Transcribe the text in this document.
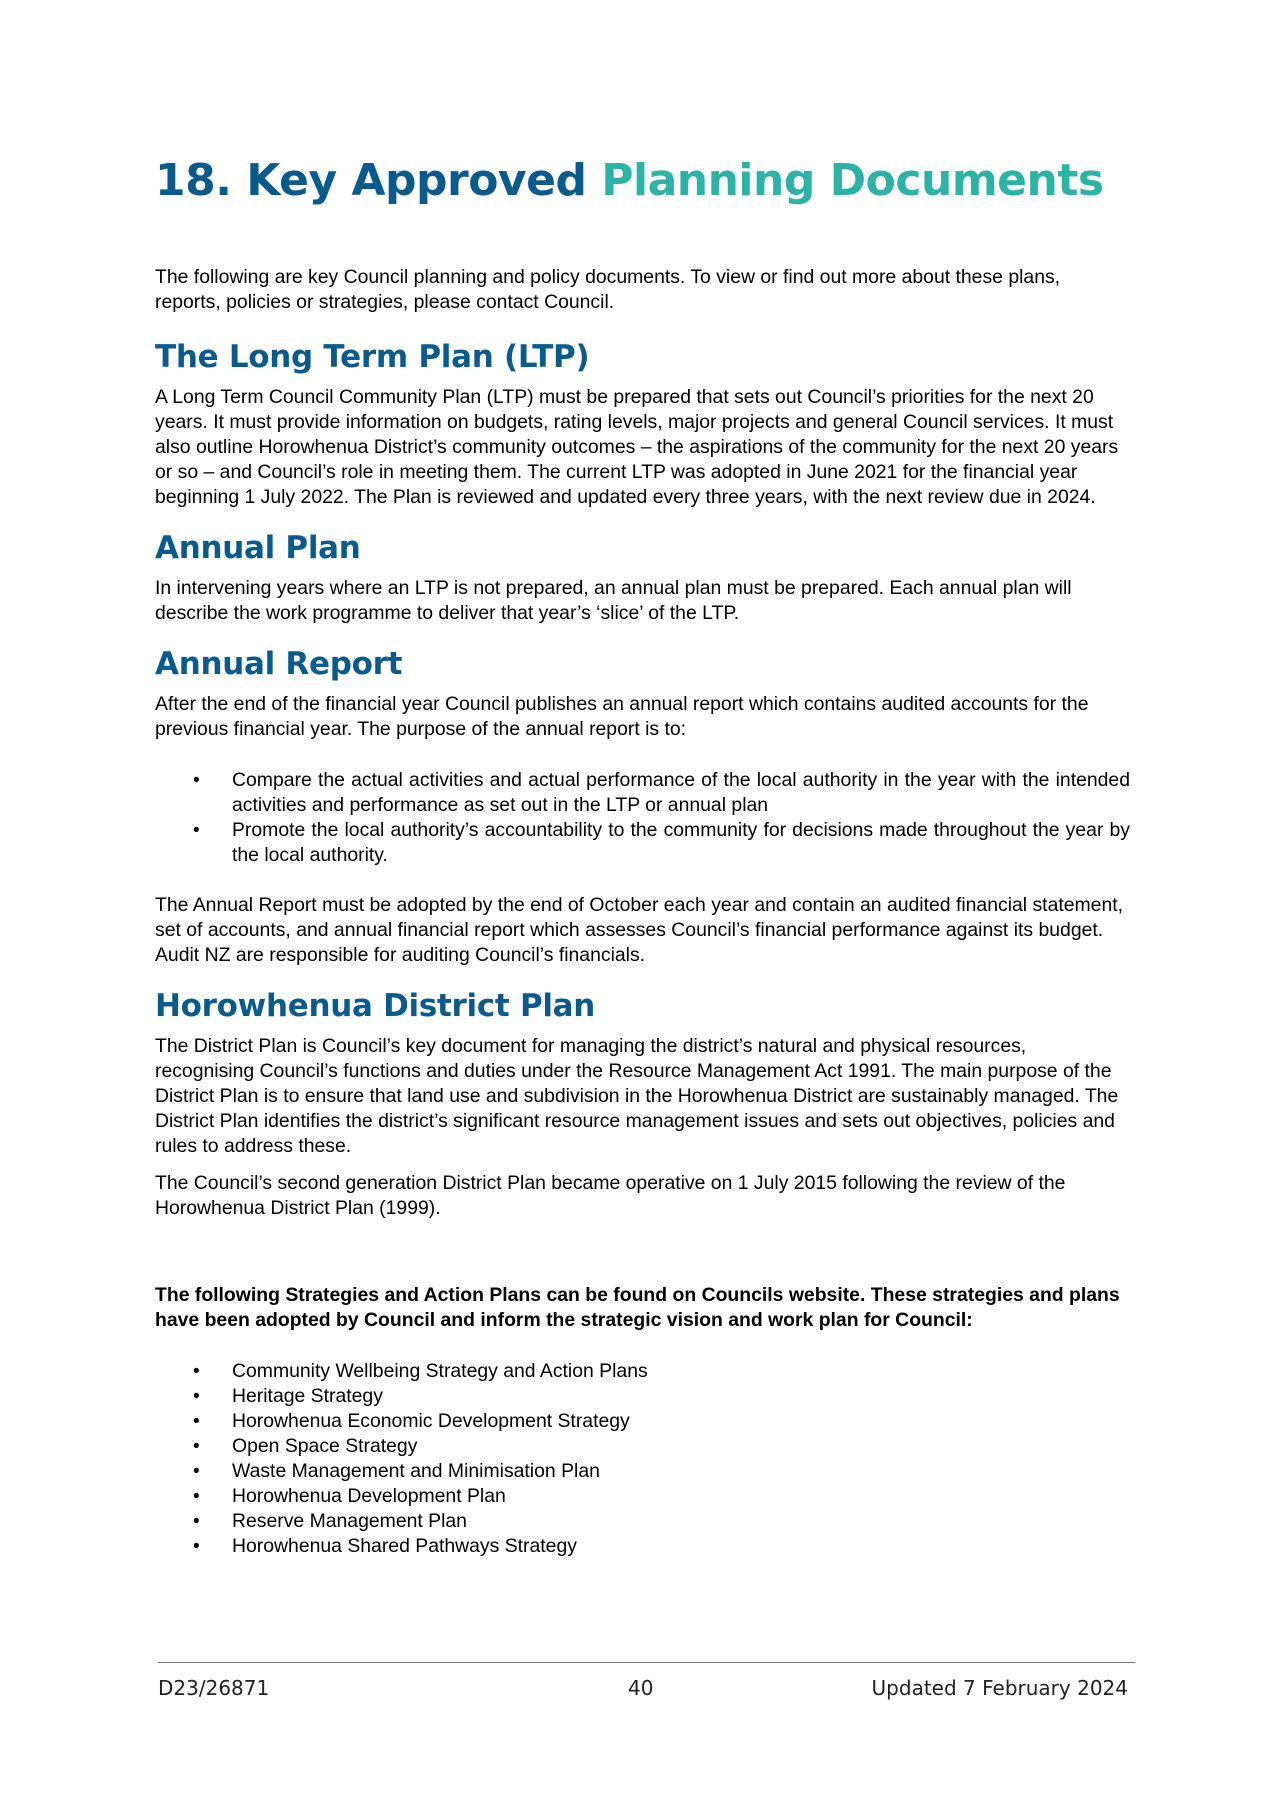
18. Key Approved Planning Documents

The following are key Council planning and policy documents. To view or find out more about these plans, reports, policies or strategies, please contact Council.

The Long Term Plan (LTP)

A Long Term Council Community Plan (LTP) must be prepared that sets out Council’s priorities for the next 20 years. It must provide information on budgets, rating levels, major projects and general Council services. It must also outline Horowhenua District’s community outcomes – the aspirations of the community for the next 20 years or so – and Council’s role in meeting them. The current LTP was adopted in June 2021 for the financial year beginning 1 July 2022. The Plan is reviewed and updated every three years, with the next review due in 2024.

Annual Plan

In intervening years where an LTP is not prepared, an annual plan must be prepared. Each annual plan will describe the work programme to deliver that year’s ‘slice’ of the LTP.

Annual Report

After the end of the financial year Council publishes an annual report which contains audited accounts for the previous financial year. The purpose of the annual report is to:

• Compare the actual activities and actual performance of the local authority in the year with the intended activities and performance as set out in the LTP or annual plan
• Promote the local authority’s accountability to the community for decisions made throughout the year by the local authority.

The Annual Report must be adopted by the end of October each year and contain an audited financial statement, set of accounts, and annual financial report which assesses Council’s financial performance against its budget. Audit NZ are responsible for auditing Council’s financials.

Horowhenua District Plan

The District Plan is Council’s key document for managing the district’s natural and physical resources, recognising Council’s functions and duties under the Resource Management Act 1991. The main purpose of the District Plan is to ensure that land use and subdivision in the Horowhenua District are sustainably managed. The District Plan identifies the district’s significant resource management issues and sets out objectives, policies and rules to address these.

The Council’s second generation District Plan became operative on 1 July 2015 following the review of the Horowhenua District Plan (1999).

The following Strategies and Action Plans can be found on Councils website. These strategies and plans have been adopted by Council and inform the strategic vision and work plan for Council:

• Community Wellbeing Strategy and Action Plans
• Heritage Strategy
• Horowhenua Economic Development Strategy
• Open Space Strategy
• Waste Management and Minimisation Plan
• Horowhenua Development Plan
• Reserve Management Plan
• Horowhenua Shared Pathways Strategy
D23/26871	40	Updated 7 February 2024
